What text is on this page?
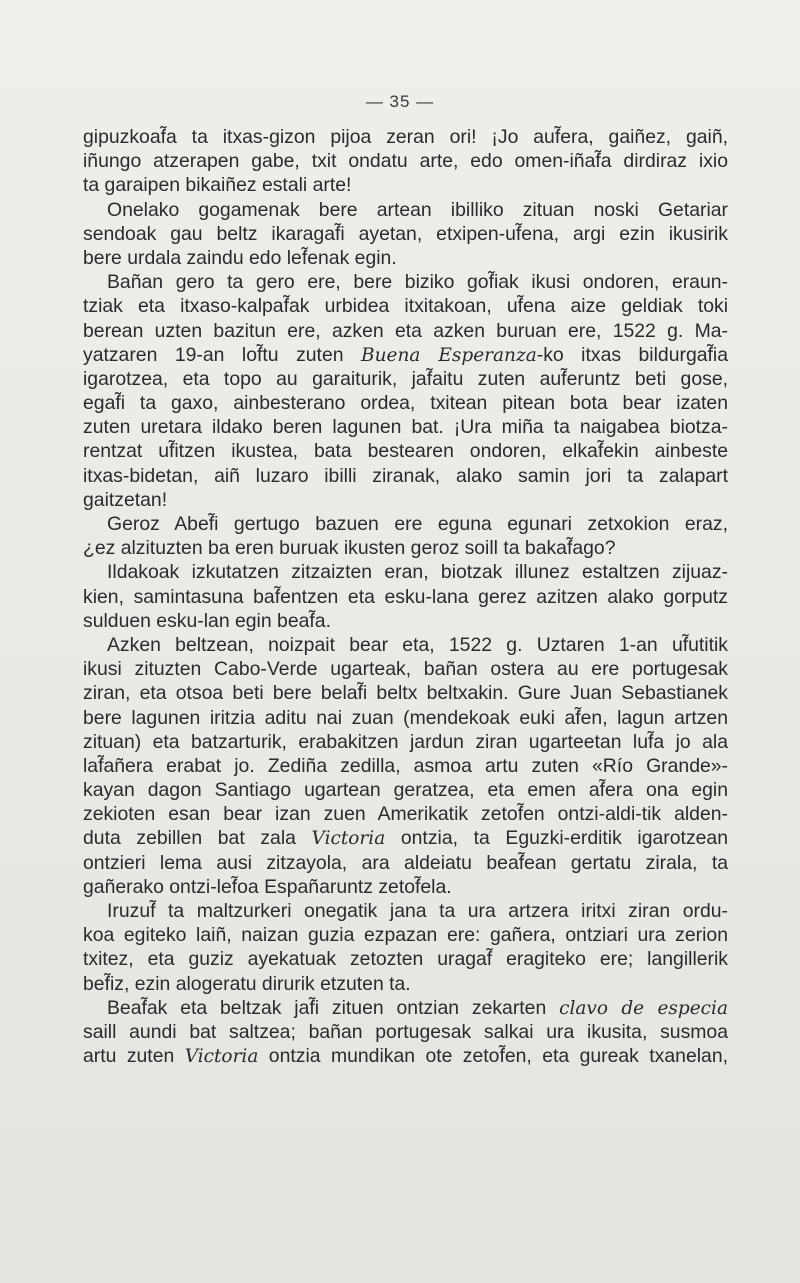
— 35 —
gipuzkoaf̃a ta itxas-gizon pijoa zeran ori! ¡Jo auf̃era, gaiñez, gaiñ,
iñungo atzerapen gabe, txit ondatu arte, edo omen-iñaf̃a dirdiraz ixio
ta garaipen bikaiñez estali arte!
Onelako gogamenak bere artean ibilliko zituan noski Getariar
sendoak gau beltz ikaragaf̃i ayetan, etxipen-uf̃ena, argi ezin ikusirik
bere urdala zaindu edo lef̃enak egin.
Bañan gero ta gero ere, bere biziko gof̃iak ikusi ondoren, eraun-
tziak eta itxaso-kalpaf̃ak urbidea itxitakoan, uf̃ena aize geldiak toki
berean uzten bazitun ere, azken eta azken buruan ere, 1522 g. Ma-
yatzaren 19-an lof̃tu zuten Buena Esperanza-ko itxas bildurgaf̃ia
igarotzea, eta topo au garaiturik, jaf̃aitu zuten auf̃eruntz beti gose,
egaf̃i ta gaxo, ainbesterano ordea, txitean pitean bota bear izaten
zuten uretara ildako beren lagunen bat. ¡Ura miña ta naigabea biotza-
rentzat uf̃itzen ikustea, bata bestearen ondoren, elkaf̃ekin ainbeste
itxas-bidetan, aiñ luzaro ibilli ziranak, alako samin jori ta zalapart
gaitzetan!
Geroz Abef̃i gertugo bazuen ere eguna egunari zetxokion eraz,
¿ez alzituzten ba eren buruak ikusten geroz soill ta bakaf̃ago?
Ildakoak izkutatzen zitzaizten eran, biotzak illunez estaltzen zijuaz-
kien, samintasuna baf̃entzen eta esku-lana gerez azitzen alako gorputz
sulduen esku-lan egin beaf̃a.
Azken beltzean, noizpait bear eta, 1522 g. Uztaren 1-an uf̃utitik
ikusi zituzten Cabo-Verde ugarteak, bañan ostera au ere portugesak
ziran, eta otsoa beti bere belaf̃i beltx beltxakin. Gure Juan Sebastianek
bere lagunen iritzia aditu nai zuan (mendekoak euki af̃en, lagun artzen
zituan) eta batzarturik, erabakitzen jardun ziran ugarteetan luf̃a jo ala
laf̃añera erabat jo. Zediña zedilla, asmoa artu zuten «Río Grande»-
kayan dagon Santiago ugartean geratzea, eta emen af̃era ona egin
zekioten esan bear izan zuen Amerikatik zetof̃en ontzi-aldi-tik alden-
duta zebillen bat zala Victoria ontzia, ta Eguzki-erditik igarotzean
ontzieri lema ausi zitzayola, ara aldeiatu beaf̃ean gertatu zirala, ta
gañerako ontzi-lef̃oa Españaruntz zetof̃ela.
Iruzuf̃ ta maltzurkeri onegatik jana ta ura artzera iritxi ziran ordu-
koa egiteko laiñ, naizan guzia ezpazan ere: gañera, ontziari ura zerion
txitez, eta guziz ayekatuak zetozten uragaf̃ eragiteko ere; langillerik
bef̃iz, ezin alogeratu dirurik etzuten ta.
Beaf̃ak eta beltzak jaf̃i zituen ontzian zekarten clavo de especia
saill aundi bat saltzea; bañan portugesak salkai ura ikusita, susmoa
artu zuten Victoria ontzia mundikan ote zetof̃en, eta gureak txanelan,
